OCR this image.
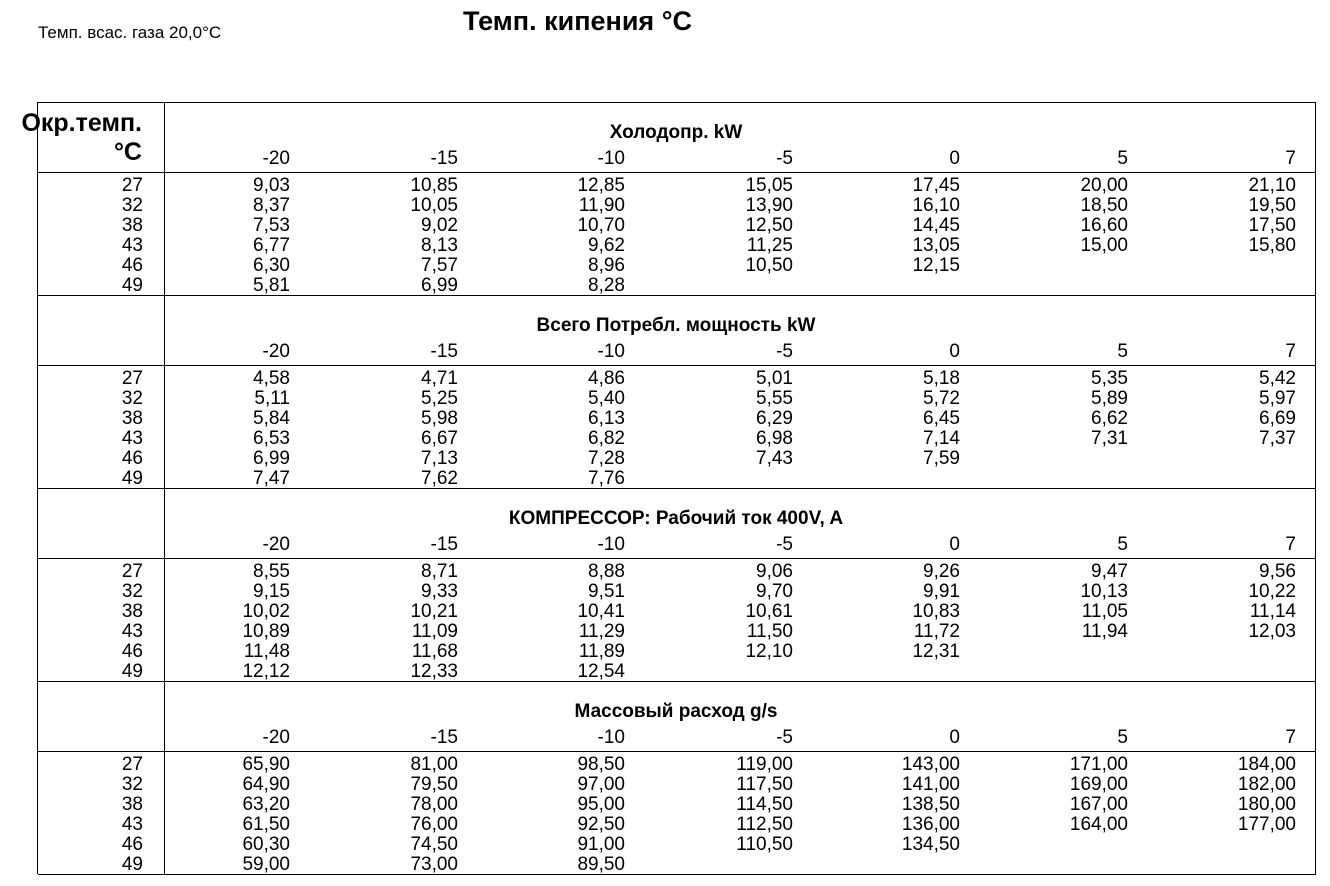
Темп. всас. газа 20,0°C	Темп. кипения °C
Окр.темп.
°C
Холодопр. kW
-20	-15	-10	-5	0	5	7
27	9,03	10,85	12,85	15,05	17,45	20,00	21,10
32	8,37	10,05	11,90	13,90	16,10	18,50	19,50
38	7,53	9,02	10,70	12,50	14,45	16,60	17,50
43	6,77	8,13	9,62	11,25	13,05	15,00	15,80
46	6,30	7,57	8,96	10,50	12,15
49	5,81	6,99	8,28
Всего Потребл. мощность kW
-20	-15	-10	-5	0	5	7
27	4,58	4,71	4,86	5,01	5,18	5,35	5,42
32	5,11	5,25	5,40	5,55	5,72	5,89	5,97
38	5,84	5,98	6,13	6,29	6,45	6,62	6,69
43	6,53	6,67	6,82	6,98	7,14	7,31	7,37
46	6,99	7,13	7,28	7,43	7,59
49	7,47	7,62	7,76
КОМПРЕССОР: Рабочий ток 400V, A
-20	-15	-10	-5	0	5	7
27	8,55	8,71	8,88	9,06	9,26	9,47	9,56
32	9,15	9,33	9,51	9,70	9,91	10,13	10,22
38	10,02	10,21	10,41	10,61	10,83	11,05	11,14
43	10,89	11,09	11,29	11,50	11,72	11,94	12,03
46	11,48	11,68	11,89	12,10	12,31
49	12,12	12,33	12,54
Массовый расход g/s
-20	-15	-10	-5	0	5	7
27	65,90	81,00	98,50	119,00	143,00	171,00	184,00
32	64,90	79,50	97,00	117,50	141,00	169,00	182,00
38	63,20	78,00	95,00	114,50	138,50	167,00	180,00
43	61,50	76,00	92,50	112,50	136,00	164,00	177,00
46	60,30	74,50	91,00	110,50	134,50
49	59,00	73,00	89,50
